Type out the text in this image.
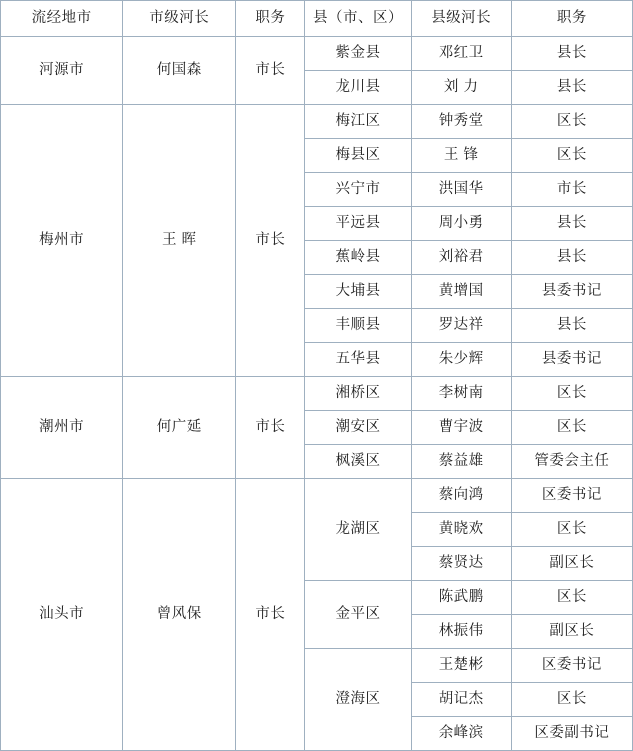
流经地市	市级河长	职务	县（市、区）	县级河长	职务
河源市	何国森	市长	紫金县	邓红卫	县长
			龙川县	刘 力	县长
梅州市	王 晖	市长	梅江区	钟秀堂	区长
			梅县区	王 锋	区长
			兴宁市	洪国华	市长
			平远县	周小勇	县长
			蕉岭县	刘裕君	县长
			大埔县	黄增国	县委书记
			丰顺县	罗达祥	县长
			五华县	朱少辉	县委书记
潮州市	何广延	市长	湘桥区	李树南	区长
			潮安区	曹宇波	区长
			枫溪区	蔡益雄	管委会主任
汕头市	曾风保	市长	龙湖区	蔡向鸿	区委书记
				黄晓欢	区长
				蔡贤达	副区长
			金平区	陈武鹏	区长
				林振伟	副区长
			澄海区	王楚彬	区委书记
				胡记杰	区长
				余峰滨	区委副书记
